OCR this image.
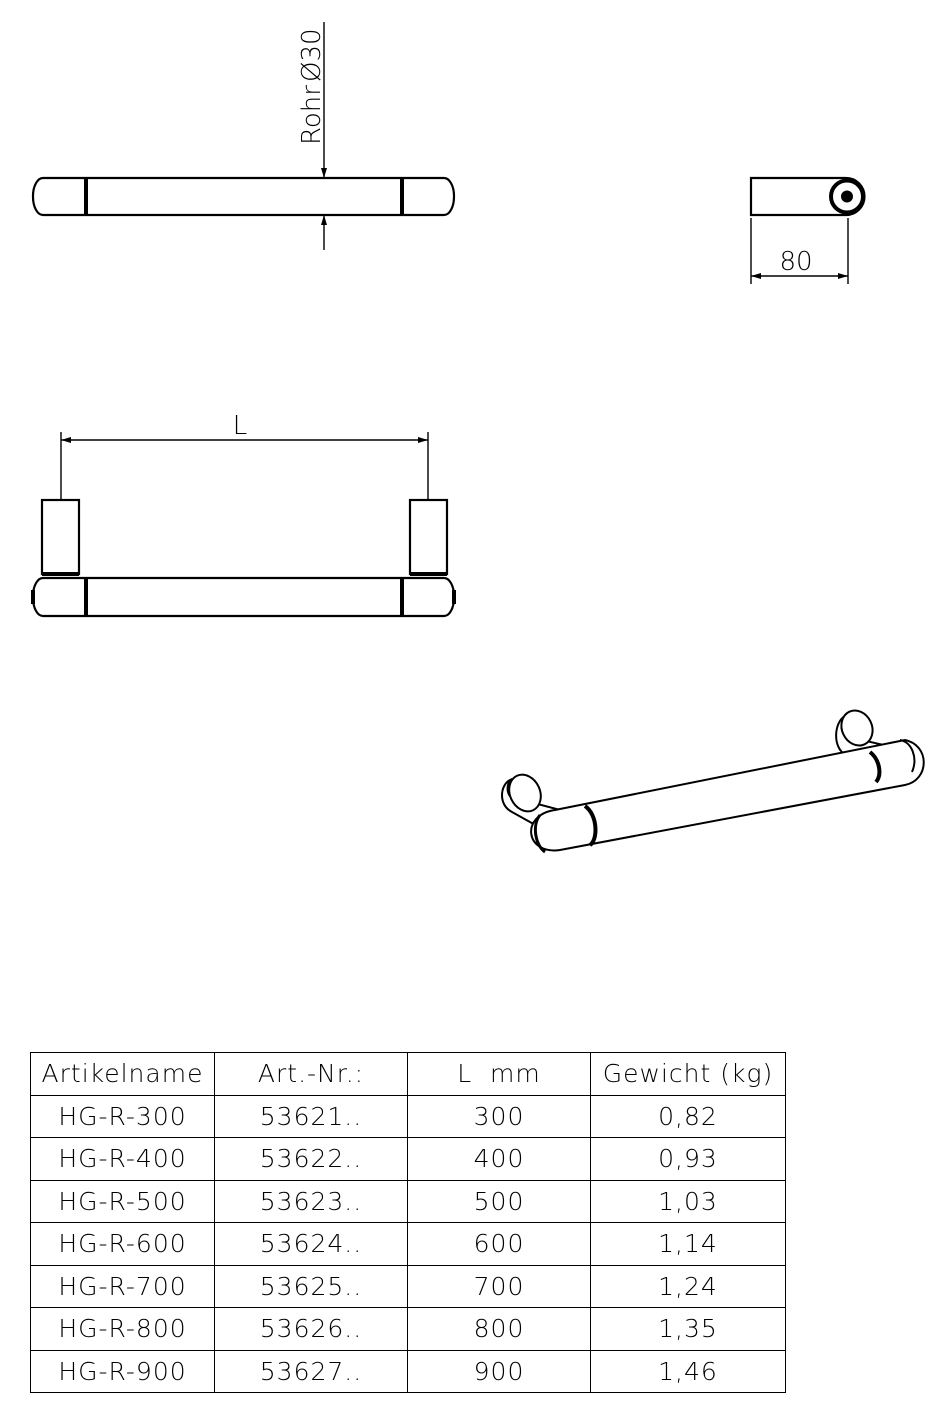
RohrØ30
80
L
Artikelname	Art.-Nr.:	L  mm	Gewicht (kg)
HG-R-300	53621..	300	0,82
HG-R-400	53622..	400	0,93
HG-R-500	53623..	500	1,03
HG-R-600	53624..	600	1,14
HG-R-700	53625..	700	1,24
HG-R-800	53626..	800	1,35
HG-R-900	53627..	900	1,46
